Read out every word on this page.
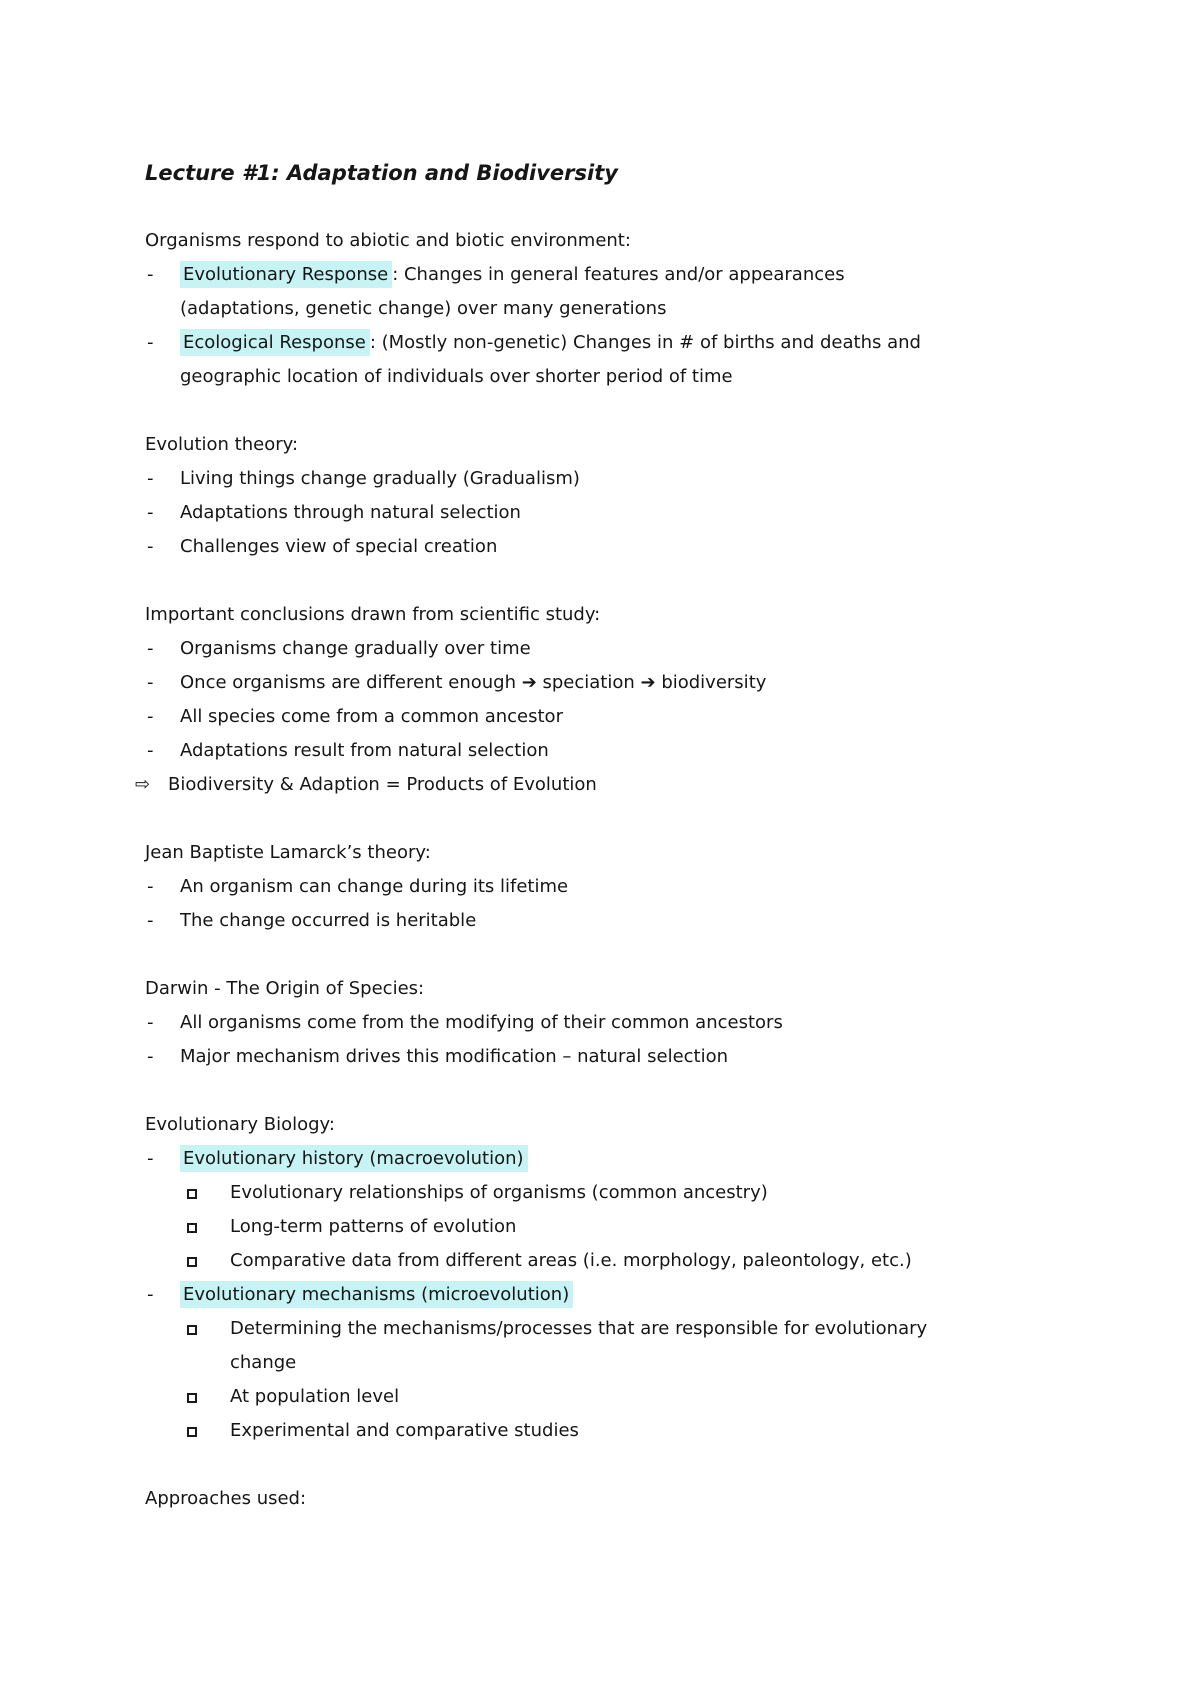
Lecture #1: Adaptation and Biodiversity

Organisms respond to abiotic and biotic environment:

- Evolutionary Response : Changes in general features and/or appearances (adaptations, genetic change) over many generations
- Ecological Response : (Mostly non-genetic) Changes in # of births and deaths and geographic location of individuals over shorter period of time

Evolution theory:

- Living things change gradually (Gradualism)
- Adaptations through natural selection
- Challenges view of special creation

Important conclusions drawn from scientific study:

- Organisms change gradually over time
- Once organisms are different enough ➔ speciation ➔ biodiversity
- All species come from a common ancestor
- Adaptations result from natural selection
⇨ Biodiversity & Adaption = Products of Evolution

Jean Baptiste Lamarck’s theory:

- An organism can change during its lifetime
- The change occurred is heritable

Darwin - The Origin of Species:

- All organisms come from the modifying of their common ancestors
- Major mechanism drives this modification – natural selection

Evolutionary Biology:

- Evolutionary history (macroevolution)
Evolutionary relationships of organisms (common ancestry)
Long-term patterns of evolution
Comparative data from different areas (i.e. morphology, paleontology, etc.)
- Evolutionary mechanisms (microevolution)
Determining the mechanisms/processes that are responsible for evolutionary change
At population level
Experimental and comparative studies

Approaches used:
